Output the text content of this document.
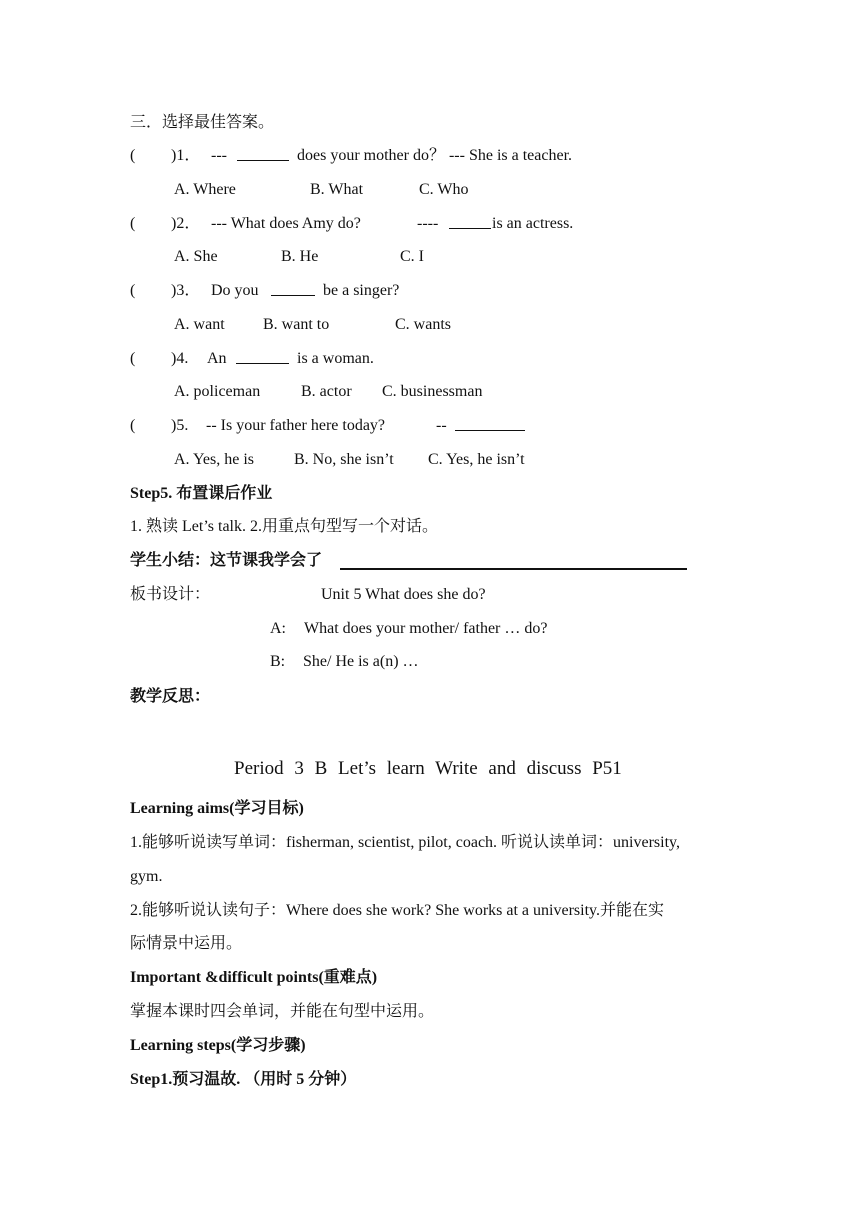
三．选择最佳答案。
( )1． ---	does your mother do？ --- She is a teacher.
A. Where	B. What	C. Who
( )2． --- What does Amy do?	----	is an actress.
A. She	B. He	C. I
( )3． Do you	be a singer?
A. want B. want to	C. wants
( )4. An	is a woman.
A. policeman	B. actor C. businessman
( )5. -- Is your father here today?	--
A. Yes, he is B. No, she isn’t C. Yes, he isn’t
Step5. 布置课后作业
1. 熟读 Let’s talk. 2.用重点句型写一个对话。
学生小结：这节课我学会了
板书设计：	Unit 5 What does she do?
A: What does your mother/ father … do?
B: She/ He is a(n) …
教学反思：
Period 3 B Let’s learn Write and discuss P51
Learning aims(学习目标)
1.能够听说读写单词：fisherman, scientist, pilot, coach. 听说认读单词：university,
gym.
2.能够听说认读句子：Where does she work? She works at a university.并能在实
际情景中运用。
Important &difficult points(重难点)
掌握本课时四会单词，并能在句型中运用。
Learning steps(学习步骤)
Step1.预习温故. （用时 5 分钟）
